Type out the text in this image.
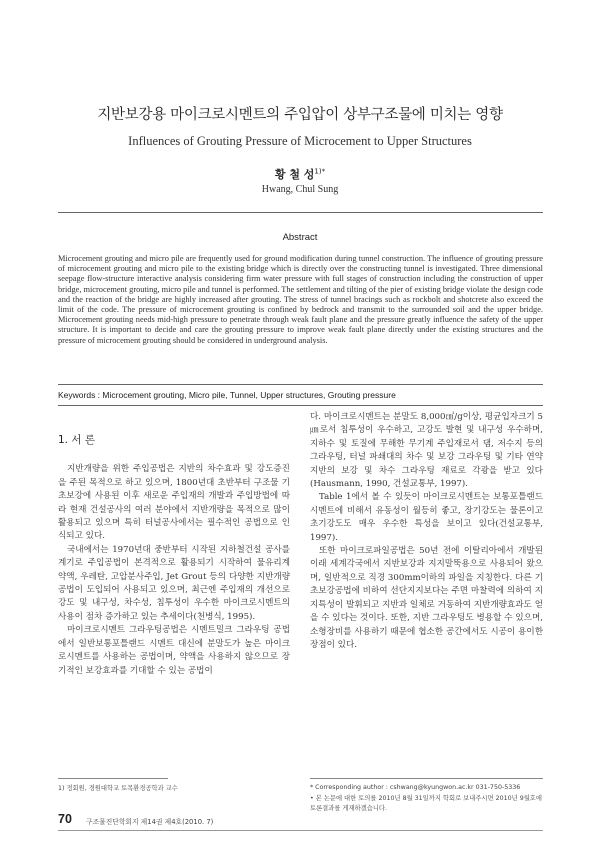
지반보강용 마이크로시멘트의 주입압이 상부구조물에 미치는 영향
Influences of Grouting Pressure of Microcement to Upper Structures
황 철 성$^{1)*}$
Hwang, Chul Sung
Abstract
Microcement grouting and micro pile are frequently used for ground modification during tunnel construction. The influence of grouting pressure of microcement grouting and micro pile to the existing bridge which is directly over the constructing tunnel is investigated. Three dimensional seepage flow-structure interactive analysis considering firm water pressure with full stages of construction including the construction of upper bridge, microcement grouting, micro pile and tunnel is performed. The settlement and tilting of the pier of existing bridge violate the design code and the reaction of the bridge are highly increased after grouting. The stress of tunnel bracings such as rockbolt and shotcrete also exceed the limit of the code. The pressure of microcement grouting is confined by bedrock and transmit to the surrounded soil and the upper bridge. Microcement grouting needs mid-high pressure to penetrate through weak fault plane and the pressure greatly influence the safety of the upper structure. It is important to decide and care the grouting pressure to improve weak fault plane directly under the existing structures and the pressure of microcement grouting should be considered in underground analysis.
Keywords : Microcement grouting, Micro pile, Tunnel, Upper structures, Grouting pressure

1. 서 론

지반개량을 위한 주입공법은 지반의 차수효과 및 강도증진을 주된 목적으로 하고 있으며, 1800년대 초반부터 구조물 기초보강에 사용된 이후 새로운 주입재의 개발과 주입방법에 따라 현재 건설공사의 여러 분야에서 지반개량을 목적으로 많이 활용되고 있으며 특히 터널공사에서는 필수적인 공법으로 인식되고 있다.

국내에서는 1970년대 중반부터 시작된 지하철건설 공사를 계기로 주입공법이 본격적으로 활용되기 시작하여 물유리계 약액, 우레탄, 고압분사주입, Jet Grout 등의 다양한 지반개량공법이 도입되어 사용되고 있으며, 최근엔 주입재의 개선으로 강도 및 내구성, 차수성, 침투성이 우수한 마이크로시멘트의 사용이 점차 증가하고 있는 추세이다(천병식, 1995).

마이크로시멘트 그라우팅공법은 시멘트밀크 그라우팅 공법에서 일반보통포틀랜드 시멘트 대신에 분말도가 높은 마이크로시멘트를 사용하는 공법이며, 약액을 사용하지 않으므로 장기적인 보강효과를 기대할 수 있는 공법이

다. 마이크로시멘트는 분말도 8,000㎠/g이상, 평균입자크기 5㎛로서 침투성이 우수하고, 고강도 발현 및 내구성 우수하며, 지하수 및 토질에 무해한 무기계 주입재로서 댐, 저수지 등의 그라우팅, 터널 파쇄대의 차수 및 보강 그라우팅 및 기타 연약지반의 보강 및 차수 그라우팅 재료로 각광을 받고 있다(Hausmann, 1990, 건설교통부, 1997).

Table 1에서 볼 수 있듯이 마이크로시멘트는 보통포틀랜드시멘트에 비해서 유동성이 월등히 좋고, 장기강도는 물론이고 초기강도도 매우 우수한 특성을 보이고 있다(건설교통부, 1997).

또한 마이크로파일공법은 50년 전에 이탈리아에서 개발된 이래 세계각국에서 지반보강과 지지말뚝용으로 사용되어 왔으며, 일반적으로 직경 300mm이하의 파일을 지칭한다. 다른 기초보강공법에 비하여 선단지지보다는 주면 마찰력에 의하여 지지특성이 발휘되고 지반과 일체로 거동하여 지반개량효과도 얻을 수 있다는 것이다. 또한, 지반 그라우팅도 병용할 수 있으며, 소형장비를 사용하기 때문에 협소한 공간에서도 시공이 용이한 장점이 있다.

1) 정회원, 경원대학교 토목환경공학과 교수	* Corresponding author : cshwang@kyungwon.ac.kr 031-750-5336
• 본 논문에 대한 토의를 2010년 8월 31일까지 학회로 보내주시면 2010년 9월호에 토론결과를 게재하겠습니다.
70 구조물진단학회지 제14권 제4호(2010. 7)
